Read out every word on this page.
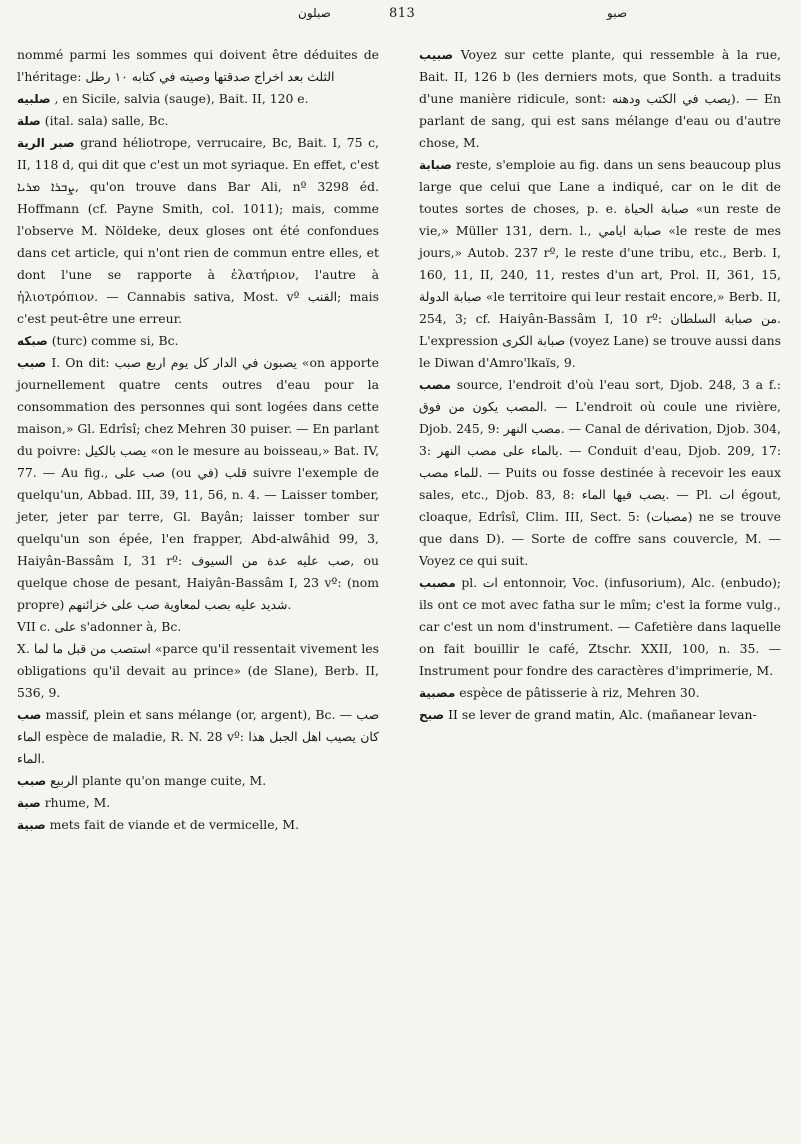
صبلون	813	صبو

nommé parmi les sommes qui doivent être déduites de l'héritage: الثلث بعد اخراج صدقتها وصيته في كتابه ١٠ رطل

صلبيه , en Sicile, salvia (sauge), Bait. II, 120 e.

صلة (ital. sala) salle, Bc.

صبر الرية grand héliotrope, verrucaire, Bc, Bait. I, 75 c, II, 118 d, qui dit que c'est un mot syriaque. En effet, c'est ܨܒܪܐ ܡܪܝܐ, qu'on trouve dans Bar Ali, nº 3298 éd. Hoffmann (cf. Payne Smith, col. 1011); mais, comme l'observe M. Nöldeke, deux gloses ont été confondues dans cet article, qui n'ont rien de commun entre elles, et dont l'une se rapporte à ἐλατήριον, l'autre à ἡλιοτρόπιον. — Cannabis sativa, Most. vº القنب; mais c'est peut-être une erreur.

صبكه (turc) comme si, Bc.

صبب I. On dit: يصبون في الدار كل يوم اربع صبب «on apporte journellement quatre cents outres d'eau pour la consommation des personnes qui sont logées dans cette maison,» Gl. Edrîsî; chez Mehren 30 puiser. — En parlant du poivre: يصب بالكيل «on le mesure au boisseau,» Bat. IV, 77. — Au fig., صب على (ou في) قلب suivre l'exemple de quelqu'un, Abbad. III, 39, 11, 56, n. 4. — Laisser tomber, jeter, jeter par terre, Gl. Bayân; laisser tomber sur quelqu'un son épée, l'en frapper, Abd-alwâhid 99, 3, Haiyân-Bassâm I, 31 rº: صب عليه عدة من السيوف, ou quelque chose de pesant, Haiyân-Bassâm I, 23 vº: (nom propre) شديد عليه بصب لمعاوية صب على خزائنهم.

VII c. على s'adonner à, Bc.

X. استصب من قبل ما لما «parce qu'il ressentait vivement les obligations qu'il devait au prince» (de Slane), Berb. II, 536, 9.

صب massif, plein et sans mélange (or, argent), Bc. — صب الماء espèce de maladie, R. N. 28 vº: كان يصيب اهل الجبل هذا الماء.

صبب الربيع plante qu'on mange cuite, M.

صبة rhume, M.

صبية mets fait de viande et de vermicelle, M.

صبيب Voyez sur cette plante, qui ressemble à la rue, Bait. II, 126 b (les derniers mots, que Sonth. a traduits d'une manière ridicule, sont: يصب في الكتب ودهنه). — En parlant de sang, qui est sans mélange d'eau ou d'autre chose, M.

صبابة reste, s'emploie au fig. dans un sens beaucoup plus large que celui que Lane a indiqué, car on le dit de toutes sortes de choses, p. e. صبابة الحياة «un reste de vie,» Müller 131, dern. l., صبابة ايامي «le reste de mes jours,» Autob. 237 rº, le reste d'une tribu, etc., Berb. I, 160, 11, II, 240, 11, restes d'un art, Prol. II, 361, 15, صبابة الدولة «le territoire qui leur restait encore,» Berb. II, 254, 3; cf. Haiyân-Bassâm I, 10 rº: من صبابة السلطان. L'expression صبابة الكرى (voyez Lane) se trouve aussi dans le Diwan d'Amro'lkaïs, 9.

مصب source, l'endroit d'où l'eau sort, Djob. 248, 3 a f.: المصب يكون من فوق. — L'endroit où coule une rivière, Djob. 245, 9: مصب النهر. — Canal de dérivation, Djob. 304, 3: بالماء على مصب النهر. — Conduit d'eau, Djob. 209, 17: للماء مصب. — Puits ou fosse destinée à recevoir les eaux sales, etc., Djob. 83, 8: يصب فيها الماء. — Pl. ات égout, cloaque, Edrîsî, Clim. III, Sect. 5: (مصبات) ne se trouve que dans D). — Sorte de coffre sans couvercle, M. — Voyez ce qui suit.

مصبب pl. ات entonnoir, Voc. (infusorium), Alc. (enbudo); ils ont ce mot avec fatha sur le mîm; c'est la forme vulg., car c'est un nom d'instrument. — Cafetière dans laquelle on fait bouillir le café, Ztschr. XXII, 100, n. 35. — Instrument pour fondre des caractères d'imprimerie, M.

مصبية espèce de pâtisserie à riz, Mehren 30.

صبح II se lever de grand matin, Alc. (mañanear levan-
